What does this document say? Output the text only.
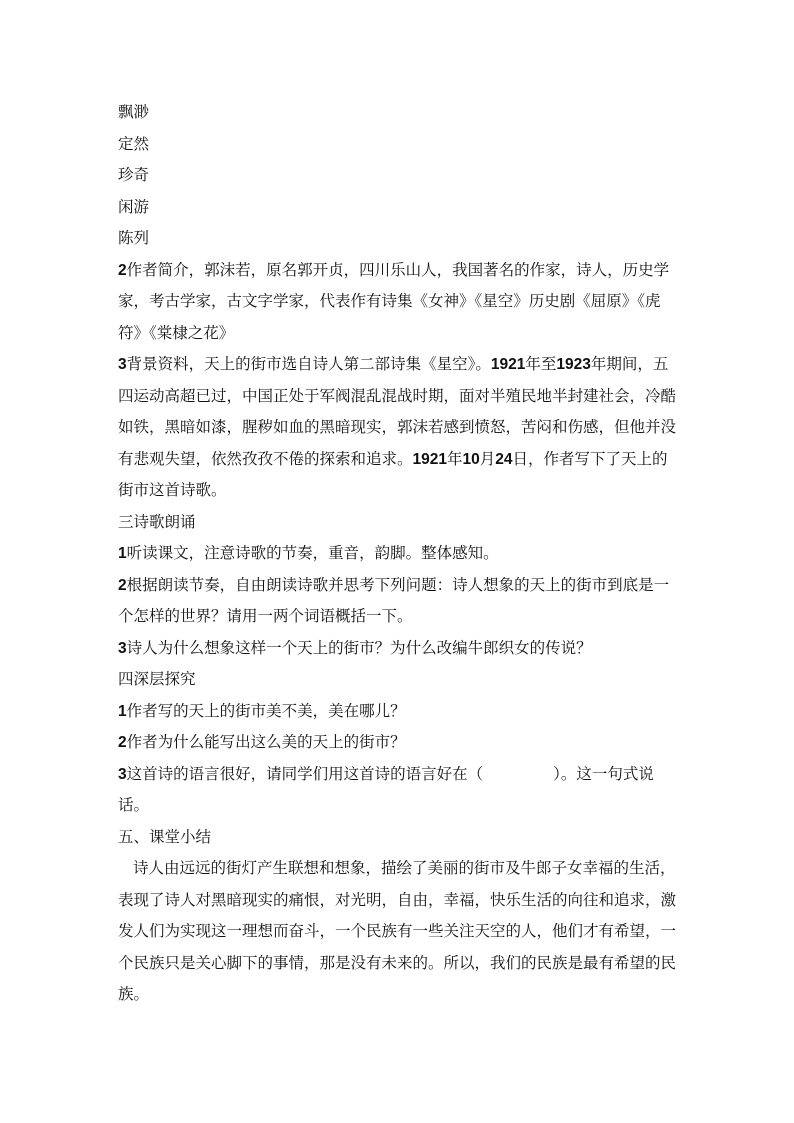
飘渺
定然
珍奇
闲游
陈列

2作者简介，郭沫若，原名郭开贞，四川乐山人，我国著名的作家，诗人，历史学家，考古学家，古文字学家，代表作有诗集《女神》《星空》历史剧《屈原》《虎符》《棠棣之花》

3背景资料，天上的街市选自诗人第二部诗集《星空》。1921年至1923年期间，五四运动高超已过，中国正处于军阀混乱混战时期，面对半殖民地半封建社会，冷酷如铁，黑暗如漆，腥秽如血的黑暗现实，郭沫若感到愤怒，苦闷和伤感，但他并没有悲观失望，依然孜孜不倦的探索和追求。1921年10月24日，作者写下了天上的街市这首诗歌。

三诗歌朗诵

1听读课文，注意诗歌的节奏，重音，韵脚。整体感知。

2根据朗读节奏，自由朗读诗歌并思考下列问题：诗人想象的天上的街市到底是一个怎样的世界？请用一两个词语概括一下。

3诗人为什么想象这样一个天上的街市？为什么改编牛郎织女的传说？

四深层探究

1作者写的天上的街市美不美，美在哪儿？

2作者为什么能写出这么美的天上的街市？

3这首诗的语言很好，请同学们用这首诗的语言好在（	）。这一句式说话。

五、课堂小结

诗人由远远的街灯产生联想和想象，描绘了美丽的街市及牛郎子女幸福的生活，表现了诗人对黑暗现实的痛恨，对光明，自由，幸福，快乐生活的向往和追求，激发人们为实现这一理想而奋斗，一个民族有一些关注天空的人，他们才有希望，一个民族只是关心脚下的事情，那是没有未来的。所以，我们的民族是最有希望的民族。
